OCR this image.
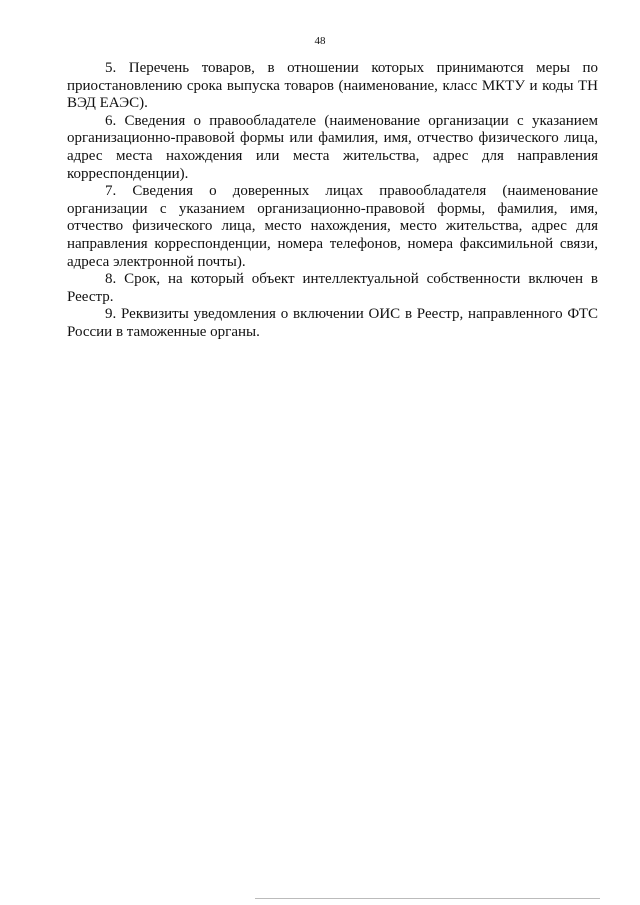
48

5. Перечень товаров, в отношении которых принимаются меры по приостановлению срока выпуска товаров (наименование, класс МКТУ и коды ТН ВЭД ЕАЭС).

6. Сведения о правообладателе (наименование организации с указанием организационно-правовой формы или фамилия, имя, отчество физического лица, адрес места нахождения или места жительства, адрес для направления корреспонденции).

7. Сведения о доверенных лицах правообладателя (наименование организации с указанием организационно-правовой формы, фамилия, имя, отчество физического лица, место нахождения, место жительства, адрес для направления корреспонденции, номера телефонов, номера факсимильной связи, адреса электронной почты).

8. Срок, на который объект интеллектуальной собственности включен в Реестр.

9. Реквизиты уведомления о включении ОИС в Реестр, направленного ФТС России в таможенные органы.
